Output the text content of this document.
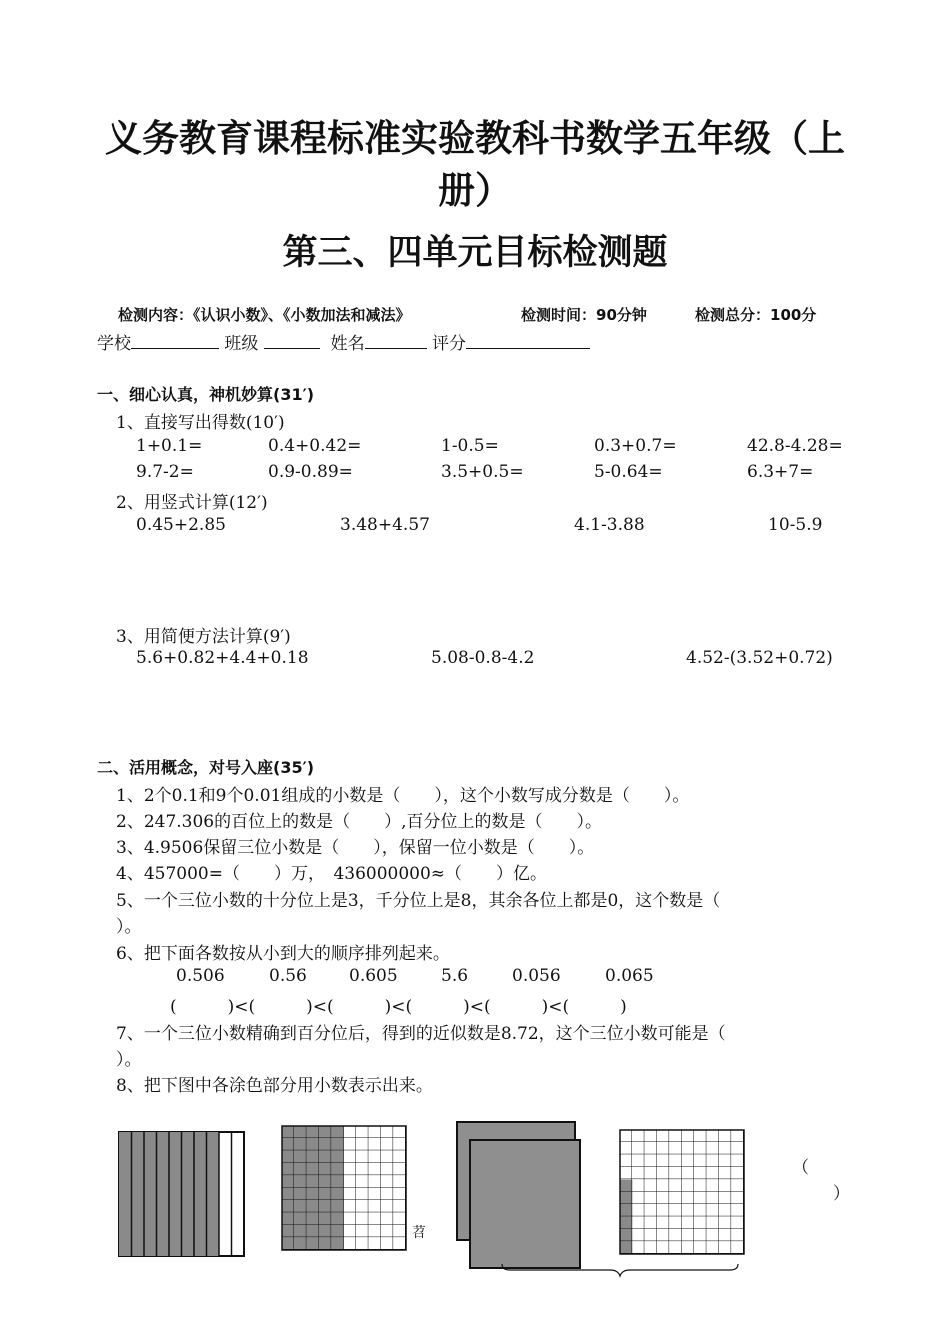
义务教育课程标准实验教科书数学五年级（上
册）
第三、四单元目标检测题
检测内容：《认识小数》、《小数加法和减法》	检测时间：90分钟	检测总分：100分
学校	班级	姓名	评分
一、细心认真，神机妙算(31′)
1、直接写出得数(10′)
1+0.1=	0.4+0.42=	1-0.5=	0.3+0.7=	42.8-4.28=
9.7-2=	0.9-0.89=	3.5+0.5=	5-0.64=	6.3+7=
2、用竖式计算(12′)
0.45+2.85	3.48+4.57	4.1-3.88	10-5.9
3、用简便方法计算(9′)
5.6+0.82+4.4+0.18	5.08-0.8-4.2	4.52-(3.52+0.72)
二、活用概念，对号入座(35′)
1、2个0.1和9个0.01组成的小数是（　　），这个小数写成分数是（　　）。
2、247.306的百位上的数是（　　）,百分位上的数是（　　）。
3、4.9506保留三位小数是（　　），保留一位小数是（　　）。
4、457000=（　　）万，　436000000≈（　　）亿。
5、一个三位小数的十分位上是3，千分位上是8，其余各位上都是0，这个数是（
）。
6、把下面各数按从小到大的顺序排列起来。
0.506	0.56 0.605	5.6	0.056	0.065
(　　　)<(　　　)<(　　　)<(　　　)<(　　　)<(　　　)
7、一个三位小数精确到百分位后，得到的近似数是8.72，这个三位小数可能是（
）。
8、把下图中各涂色部分用小数表示出来。
苕
（
）
